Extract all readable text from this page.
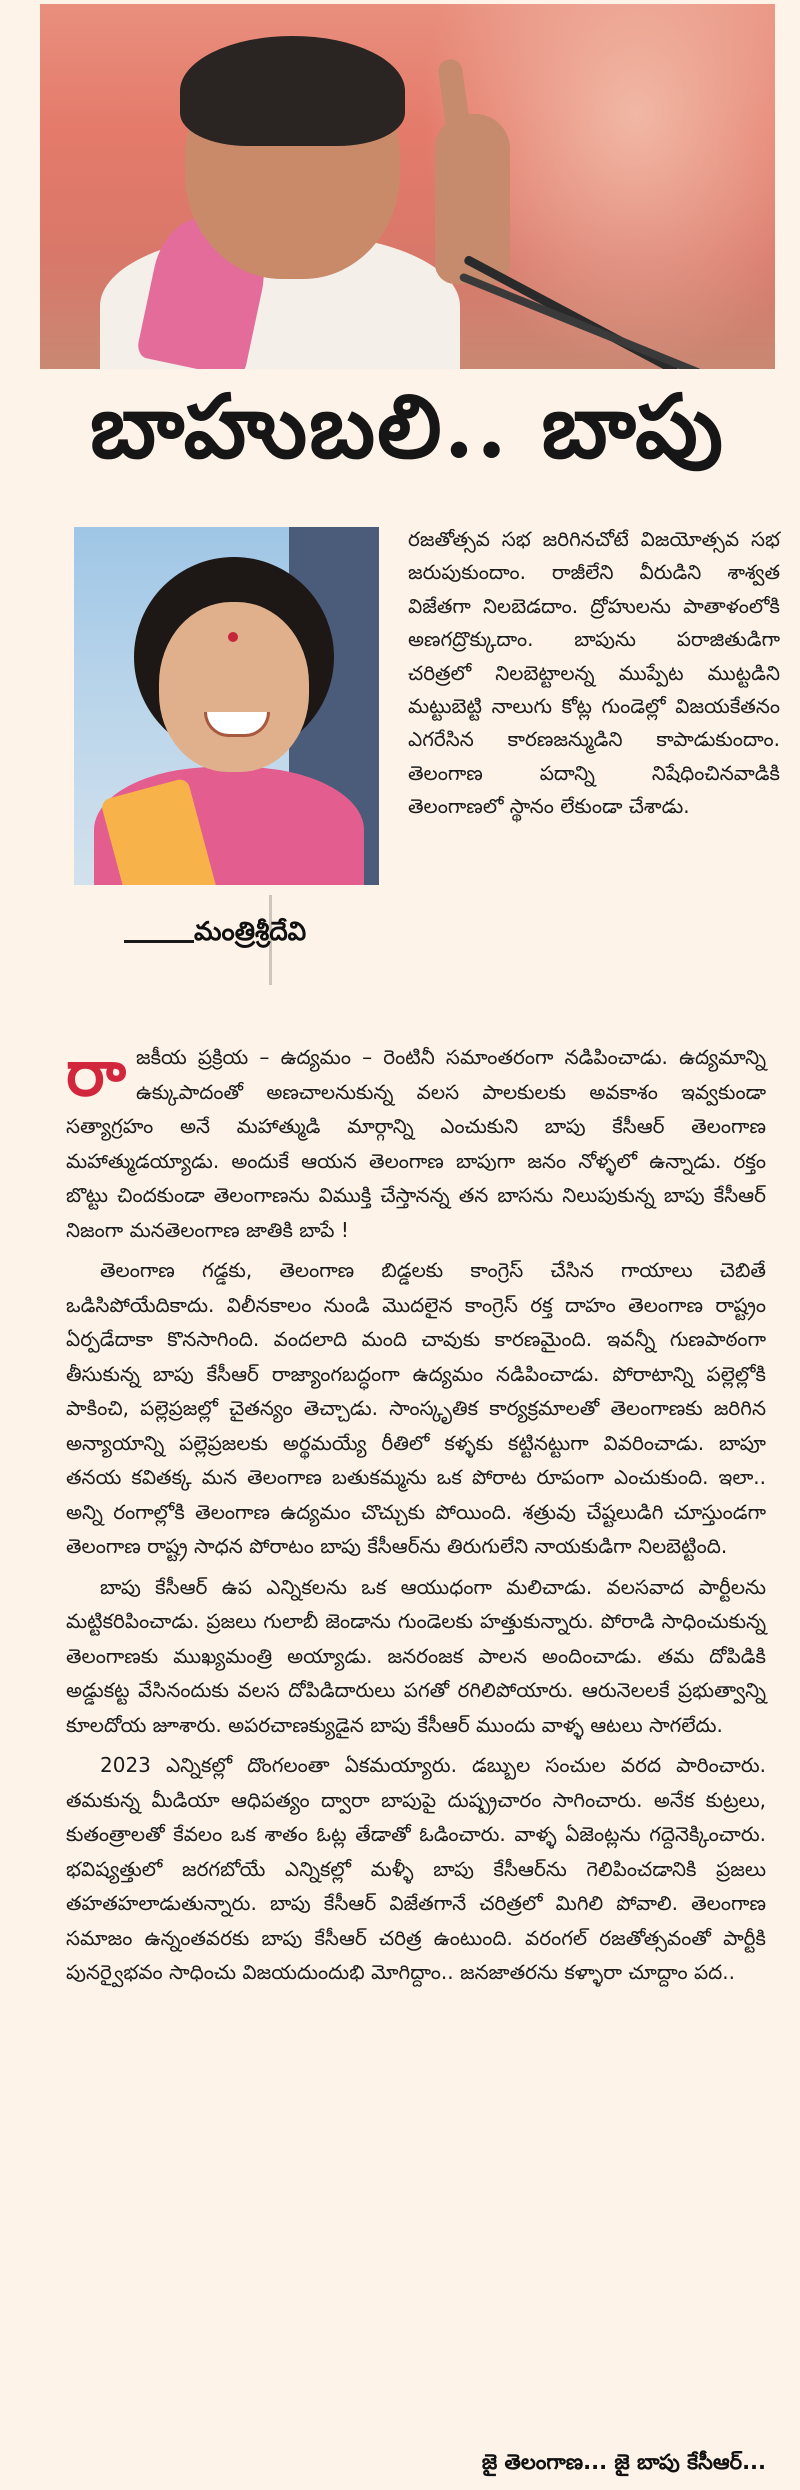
బాహుబలి.. బాపు
మంత్రిశ్రీదేవి

రజతోత్సవ సభ జరిగినచోటే విజయోత్సవ సభ జరుపుకుందాం. రాజీలేని వీరుడిని శాశ్వత విజేతగా నిలబెడదాం. ద్రోహులను పాతాళంలోకి అణగద్రొక్కుదాం. బాపును పరాజితుడిగా చరిత్రలో నిలబెట్టాలన్న ముప్పేట ముట్టడిని మట్టుబెట్టి నాలుగు కోట్ల గుండెల్లో విజయకేతనం ఎగరేసిన కారణజన్ముడిని కాపాడుకుందాం. తెలంగాణ పదాన్ని నిషేధించినవాడికి తెలంగాణలో స్థానం లేకుండా చేశాడు.

రాజకీయ ప్రక్రియ – ఉద్యమం – రెంటినీ సమాంతరంగా నడిపించాడు. ఉద్యమాన్ని ఉక్కుపాదంతో అణచాలనుకున్న వలస పాలకులకు అవకాశం ఇవ్వకుండా సత్యాగ్రహం అనే మహాత్ముడి మార్గాన్ని ఎంచుకుని బాపు కేసీఆర్ తెలంగాణ మహాత్ముడయ్యాడు. అందుకే ఆయన తెలంగాణ బాపుగా జనం నోళ్ళలో ఉన్నాడు. రక్తం బొట్టు చిందకుండా తెలంగాణను విముక్తి చేస్తానన్న తన బాసను నిలుపుకున్న బాపు కేసీఆర్ నిజంగా మనతెలంగాణ జాతికి బాపే !

తెలంగాణ గడ్డకు, తెలంగాణ బిడ్డలకు కాంగ్రెస్ చేసిన గాయాలు చెబితే ఒడిసిపోయేదికాదు. విలీనకాలం నుండి మొదలైన కాంగ్రెస్ రక్త దాహం తెలంగాణ రాష్ట్రం ఏర్పడేదాకా కొనసాగింది. వందలాది మంది చావుకు కారణమైంది. ఇవన్నీ గుణపాఠంగా తీసుకున్న బాపు కేసీఆర్ రాజ్యాంగబద్ధంగా ఉద్యమం నడిపించాడు. పోరాటాన్ని పల్లెల్లోకి పాకించి, పల్లెప్రజల్లో చైతన్యం తెచ్చాడు. సాంస్కృతిక కార్యక్రమాలతో తెలంగాణకు జరిగిన అన్యాయాన్ని పల్లెప్రజలకు అర్థమయ్యే రీతిలో కళ్ళకు కట్టినట్టుగా వివరించాడు. బాపూ తనయ కవితక్క మన తెలంగాణ బతుకమ్మను ఒక పోరాట రూపంగా ఎంచుకుంది. ఇలా.. అన్ని రంగాల్లోకి తెలంగాణ ఉద్యమం చొచ్చుకు పోయింది. శత్రువు చేష్టలుడిగి చూస్తుండగా తెలంగాణ రాష్ట్ర సాధన పోరాటం బాపు కేసీఆర్‌ను తిరుగులేని నాయకుడిగా నిలబెట్టింది.

బాపు కేసీఆర్ ఉప ఎన్నికలను ఒక ఆయుధంగా మలిచాడు. వలసవాద పార్టీలను మట్టికరిపించాడు. ప్రజలు గులాబీ జెండాను గుండెలకు హత్తుకున్నారు. పోరాడి సాధించుకున్న తెలంగాణకు ముఖ్యమంత్రి అయ్యాడు. జనరంజక పాలన అందించాడు. తమ దోపిడికి అడ్డుకట్ట వేసినందుకు వలస దోపిడిదారులు పగతో రగిలిపోయారు. ఆరునెలలకే ప్రభుత్వాన్ని కూలదోయ జూశారు. అపరచాణక్యుడైన బాపు కేసీఆర్ ముందు వాళ్ళ ఆటలు సాగలేదు.

2023 ఎన్నికల్లో దొంగలంతా ఏకమయ్యారు. డబ్బుల సంచుల వరద పారించారు. తమకున్న మీడియా ఆధిపత్యం ద్వారా బాపుపై దుష్ప్రచారం సాగించారు. అనేక కుట్రలు, కుతంత్రాలతో కేవలం ఒక శాతం ఓట్ల తేడాతో ఓడించారు. వాళ్ళ ఏజెంట్లను గద్దెనెక్కించారు. భవిష్యత్తులో జరగబోయే ఎన్నికల్లో మళ్ళీ బాపు కేసీఆర్‌ను గెలిపించడానికి ప్రజలు తహతహలాడుతున్నారు. బాపు కేసీఆర్ విజేతగానే చరిత్రలో మిగిలి పోవాలి. తెలంగాణ సమాజం ఉన్నంతవరకు బాపు కేసీఆర్ చరిత్ర ఉంటుంది. వరంగల్ రజతోత్సవంతో పార్టీకి పునర్వైభవం సాధించు విజయదుందుభి మోగిద్దాం.. జనజాతరను కళ్ళారా చూద్దాం పద..

జై తెలంగాణ... జై బాపు కేసీఆర్...
